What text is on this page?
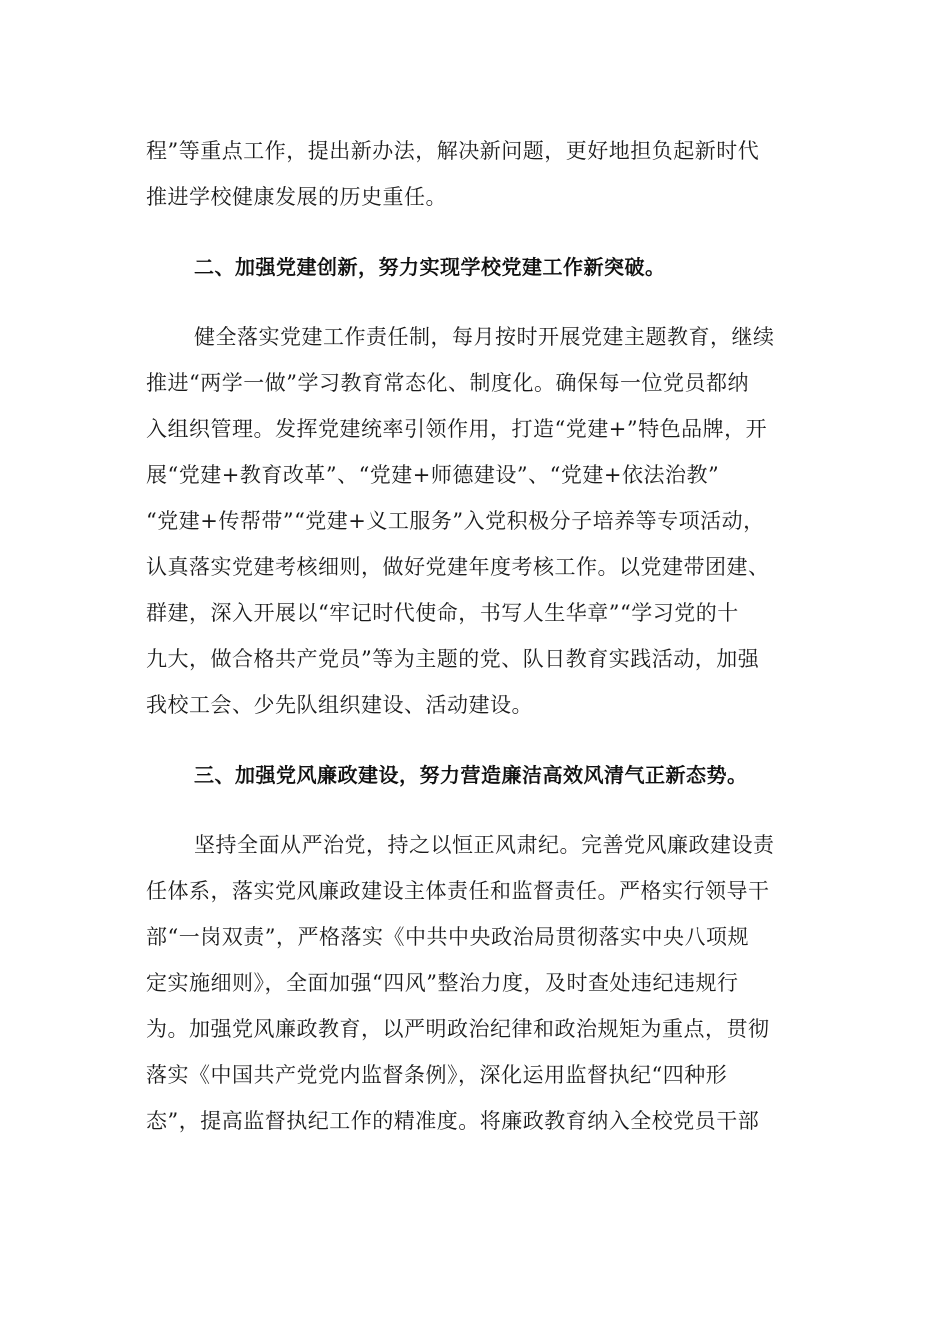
程”等重点工作，提出新办法，解决新问题，更好地担负起新时代
推进学校健康发展的历史重任。
二、加强党建创新，努力实现学校党建工作新突破。
健全落实党建工作责任制，每月按时开展党建主题教育，继续
推进“两学一做”学习教育常态化、制度化。确保每一位党员都纳
入组织管理。发挥党建统率引领作用，打造“党建+”特色品牌，开
展“党建+教育改革”、“党建+师德建设”、“党建+依法治教”
“党建+传帮带”“党建+义工服务”入党积极分子培养等专项活动，
认真落实党建考核细则，做好党建年度考核工作。以党建带团建、
群建，深入开展以“牢记时代使命，书写人生华章”“学习党的十
九大，做合格共产党员”等为主题的党、队日教育实践活动，加强
我校工会、少先队组织建设、活动建设。
三、加强党风廉政建设，努力营造廉洁高效风清气正新态势。
坚持全面从严治党，持之以恒正风肃纪。完善党风廉政建设责
任体系，落实党风廉政建设主体责任和监督责任。严格实行领导干
部“一岗双责”，严格落实《中共中央政治局贯彻落实中央八项规
定实施细则》，全面加强“四风”整治力度，及时查处违纪违规行
为。加强党风廉政教育，以严明政治纪律和政治规矩为重点，贯彻
落实《中国共产党党内监督条例》，深化运用监督执纪“四种形
态”，提高监督执纪工作的精准度。将廉政教育纳入全校党员干部
